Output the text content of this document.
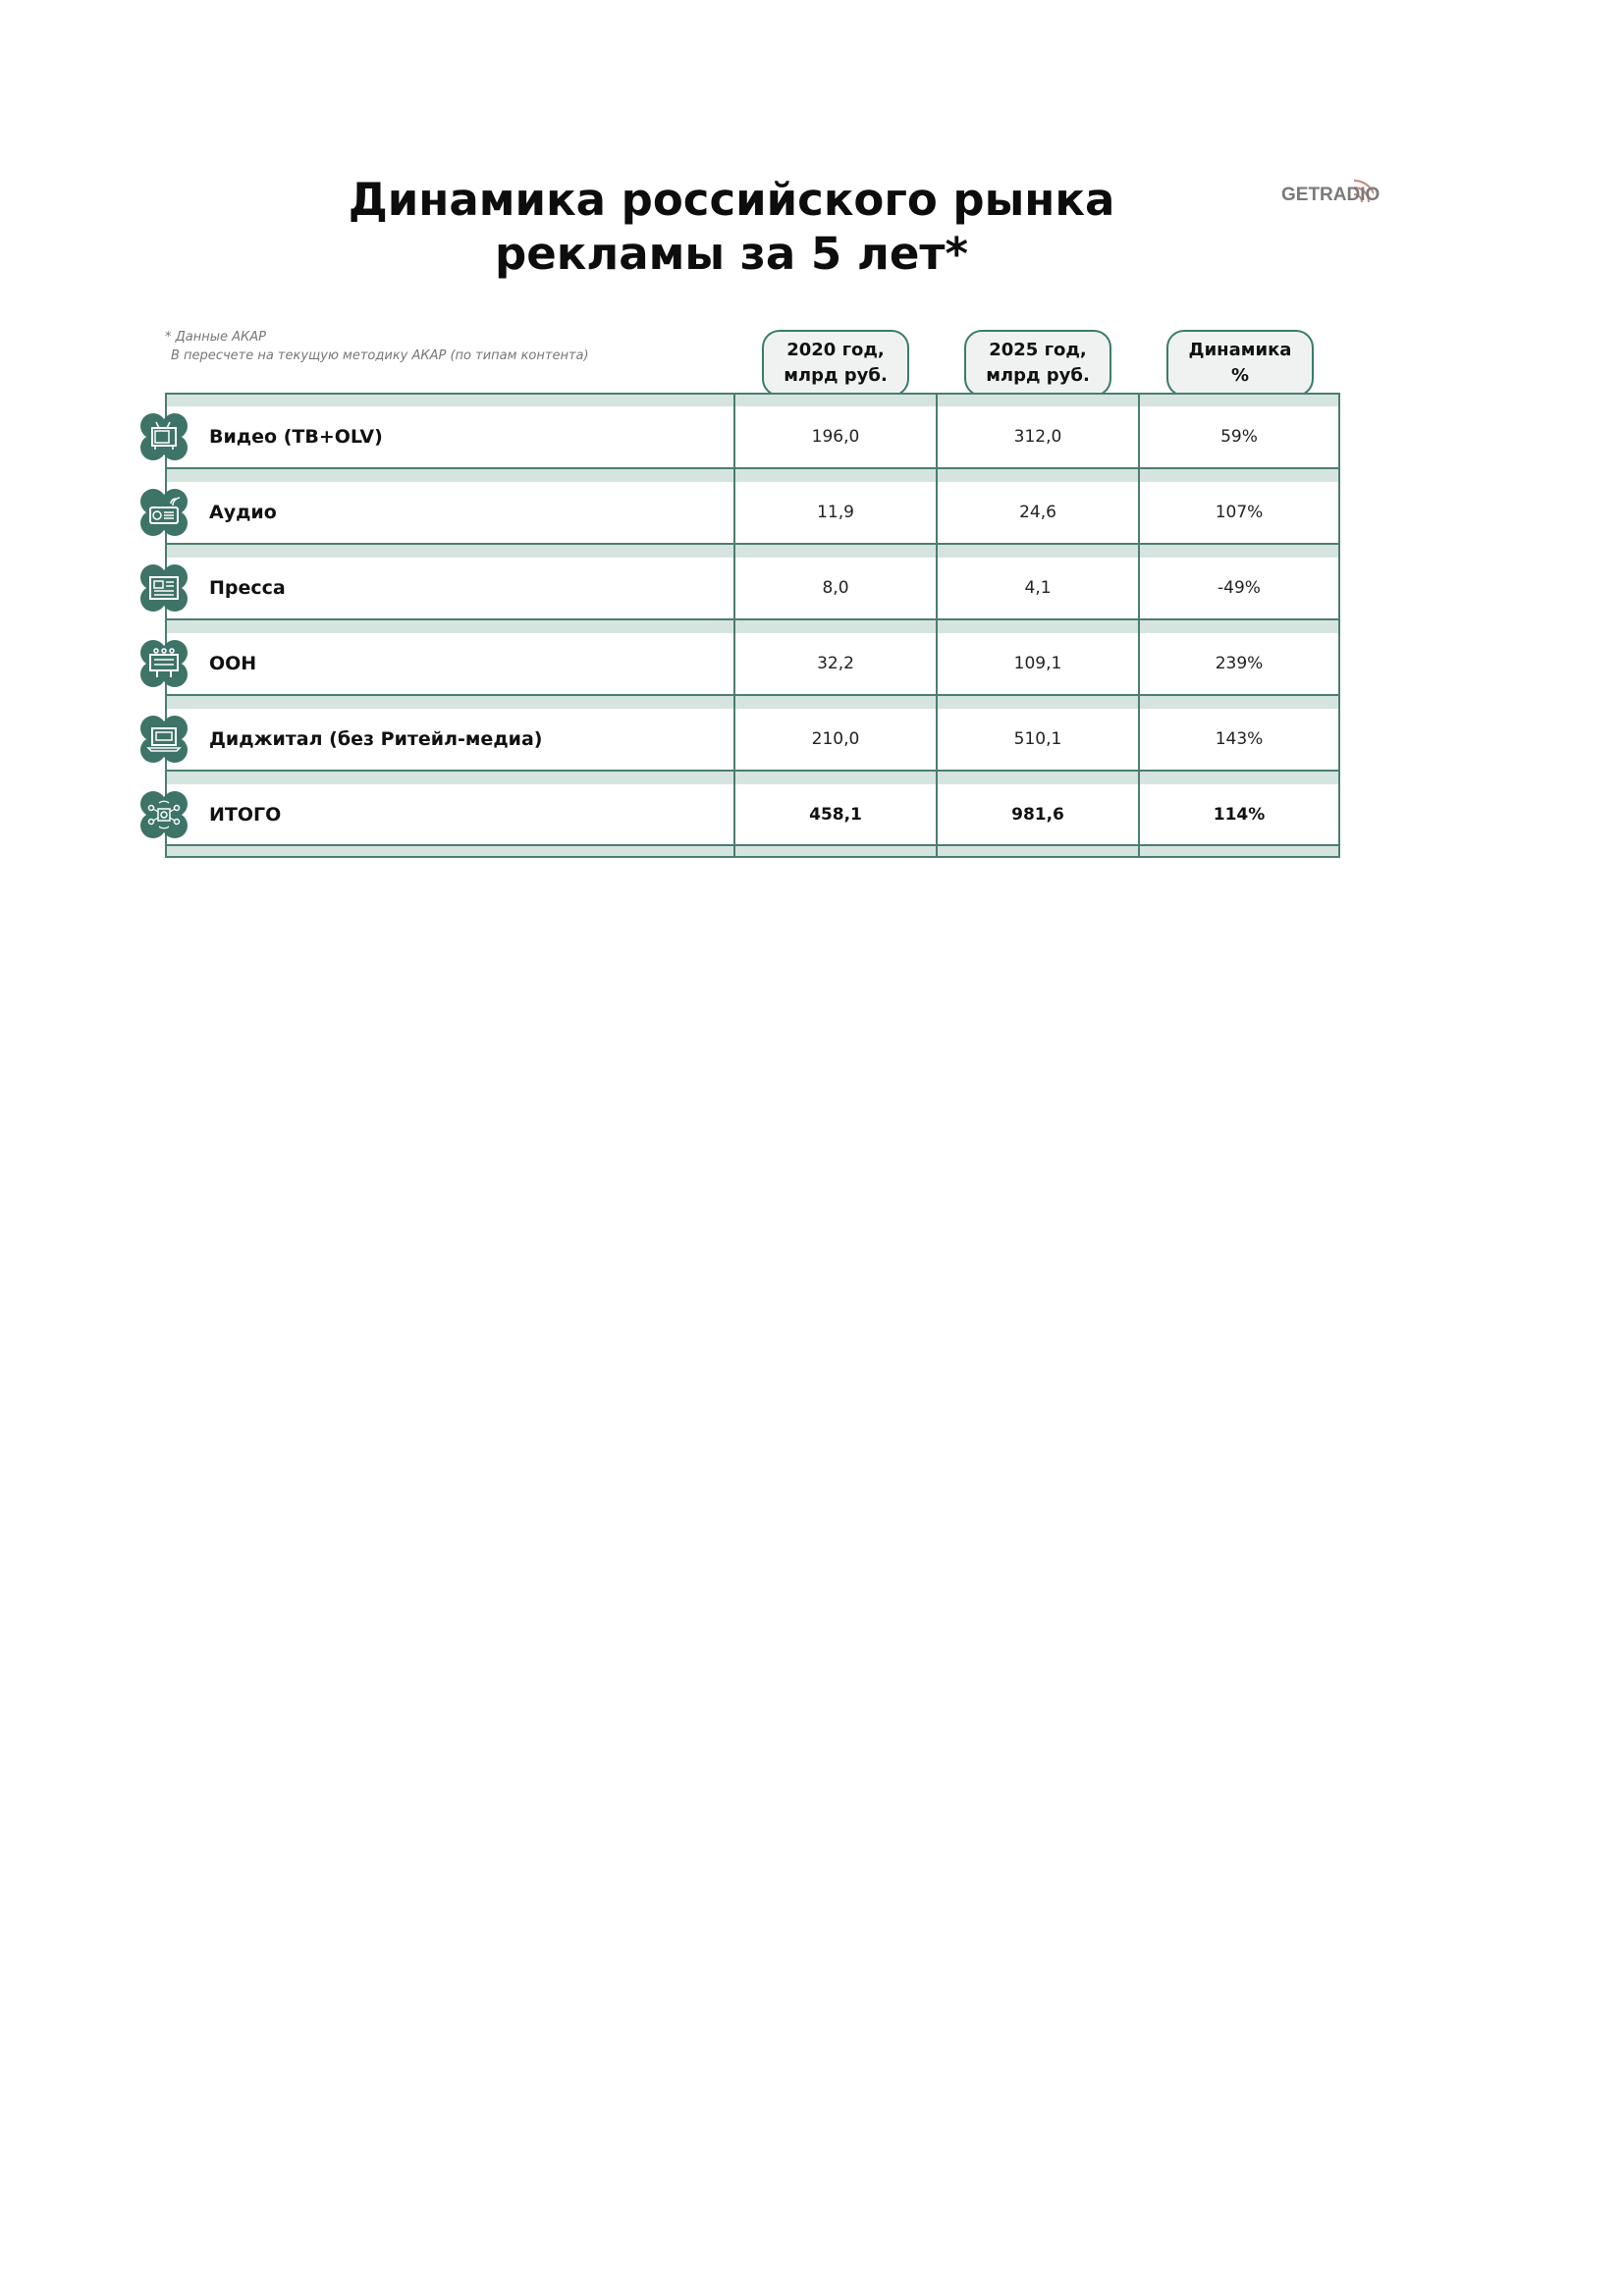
Динамика российского рынка
рекламы за 5 лет*
GETRADIO
* Данные АКАР
В пересчете на текущую методику АКАР (по типам контента)	2020 год,
млрд руб.
2025 год,
млрд руб.
Динамика
%
Видео (ТВ+OLV)	196,0	312,0	59%
Аудио	11,9	24,6	107%
Пресса	8,0	4,1	-49%
ООН	32,2	109,1	239%
Диджитал (без Ритейл-медиа)	210,0	510,1	143%
ИТОГО	458,1	981,6	114%
